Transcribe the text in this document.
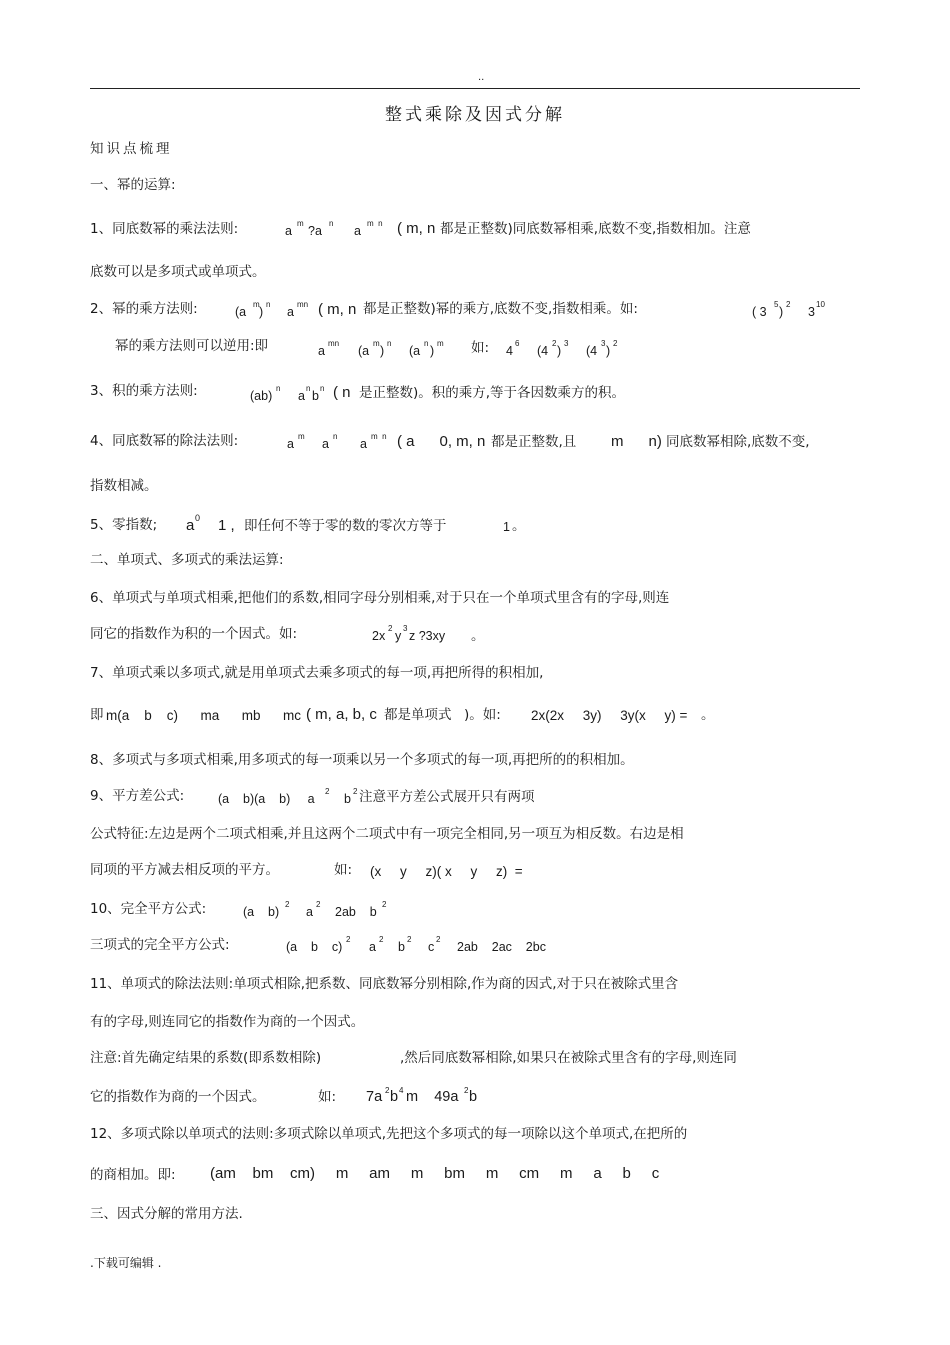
..
整式乘除及因式分解
知识点梳理
一、幂的运算:
1、同底数幂的乘法法则:	a
m
?a
n
a
m  n ( m, n 都是正整数)同底数幂相乘,底数不变,指数相加。注意
底数可以是多项式或单项式。
2、幂的乘方法则:	(a
m
)
n
a
mn ( m, n 都是正整数)幂的乘方,底数不变,指数相乘。如:	( 3
5
)
2
3
10
幂的乘方法则可以逆用:即	a
mn
(a
m
)
n
(a
n
)
m 如: 4
6
(4
2
)
3
(4
3
)
2
3、积的乘方法则:	(ab)
n
a
n
b
n ( n 是正整数)。积的乘方,等于各因数乘方的积。
4、同底数幂的除法法则:	a
m
a
n
a
m  n ( a      0, m, n 都是正整数,且 m      n) 同底数幂相除,底数不变,
指数相减。
5、零指数; a 0 1 , 即任何不等于零的数的零次方等于	1 。
二、单项式、多项式的乘法运算:
6、单项式与单项式相乘,把他们的系数,相同字母分别相乘,对于只在一个单项式里含有的字母,则连
同它的指数作为积的一个因式。如:	2x
2
y
3
z ?3xy 。
7、单项式乘以多项式,就是用单项式去乘多项式的每一项,再把所得的积相加,
即 m(a    b    c)      ma      mb      mc ( m, a, b, c 都是单项式 )。如: 2x(2x     3y)     3y(x     y) = 。
8、多项式与多项式相乘,用多项式的每一项乘以另一个多项式的每一项,再把所的的积相加。
9、平方差公式:	(a    b)(a    b)     a
2
b
2 注意平方差公式展开只有两项
公式特征:左边是两个二项式相乘,并且这两个二项式中有一项完全相同,另一项互为相反数。右边是相
同项的平方减去相反项的平方。	如: (x     y     z)( x     y     z)  =
10、完全平方公式:	(a    b)
2
a
2
2ab    b
2
三项式的完全平方公式:	(a    b    c)
2
a
2
b
2
c
2
2ab    2ac    2bc
11、单项式的除法法则:单项式相除,把系数、同底数幂分别相除,作为商的因式,对于只在被除式里含
有的字母,则连同它的指数作为商的一个因式。
注意:首先确定结果的系数(即系数相除)	,然后同底数幂相除,如果只在被除式里含有的字母,则连同
它的指数作为商的一个因式。	如: 7a 2 b 4 m    49a 2 b
12、多项式除以单项式的法则:多项式除以单项式,先把这个多项式的每一项除以这个单项式,在把所的
的商相加。即: (am    bm    cm)     m     am     m     bm     m     cm     m     a     b     c
三、因式分解的常用方法.
.下载可编辑 .
